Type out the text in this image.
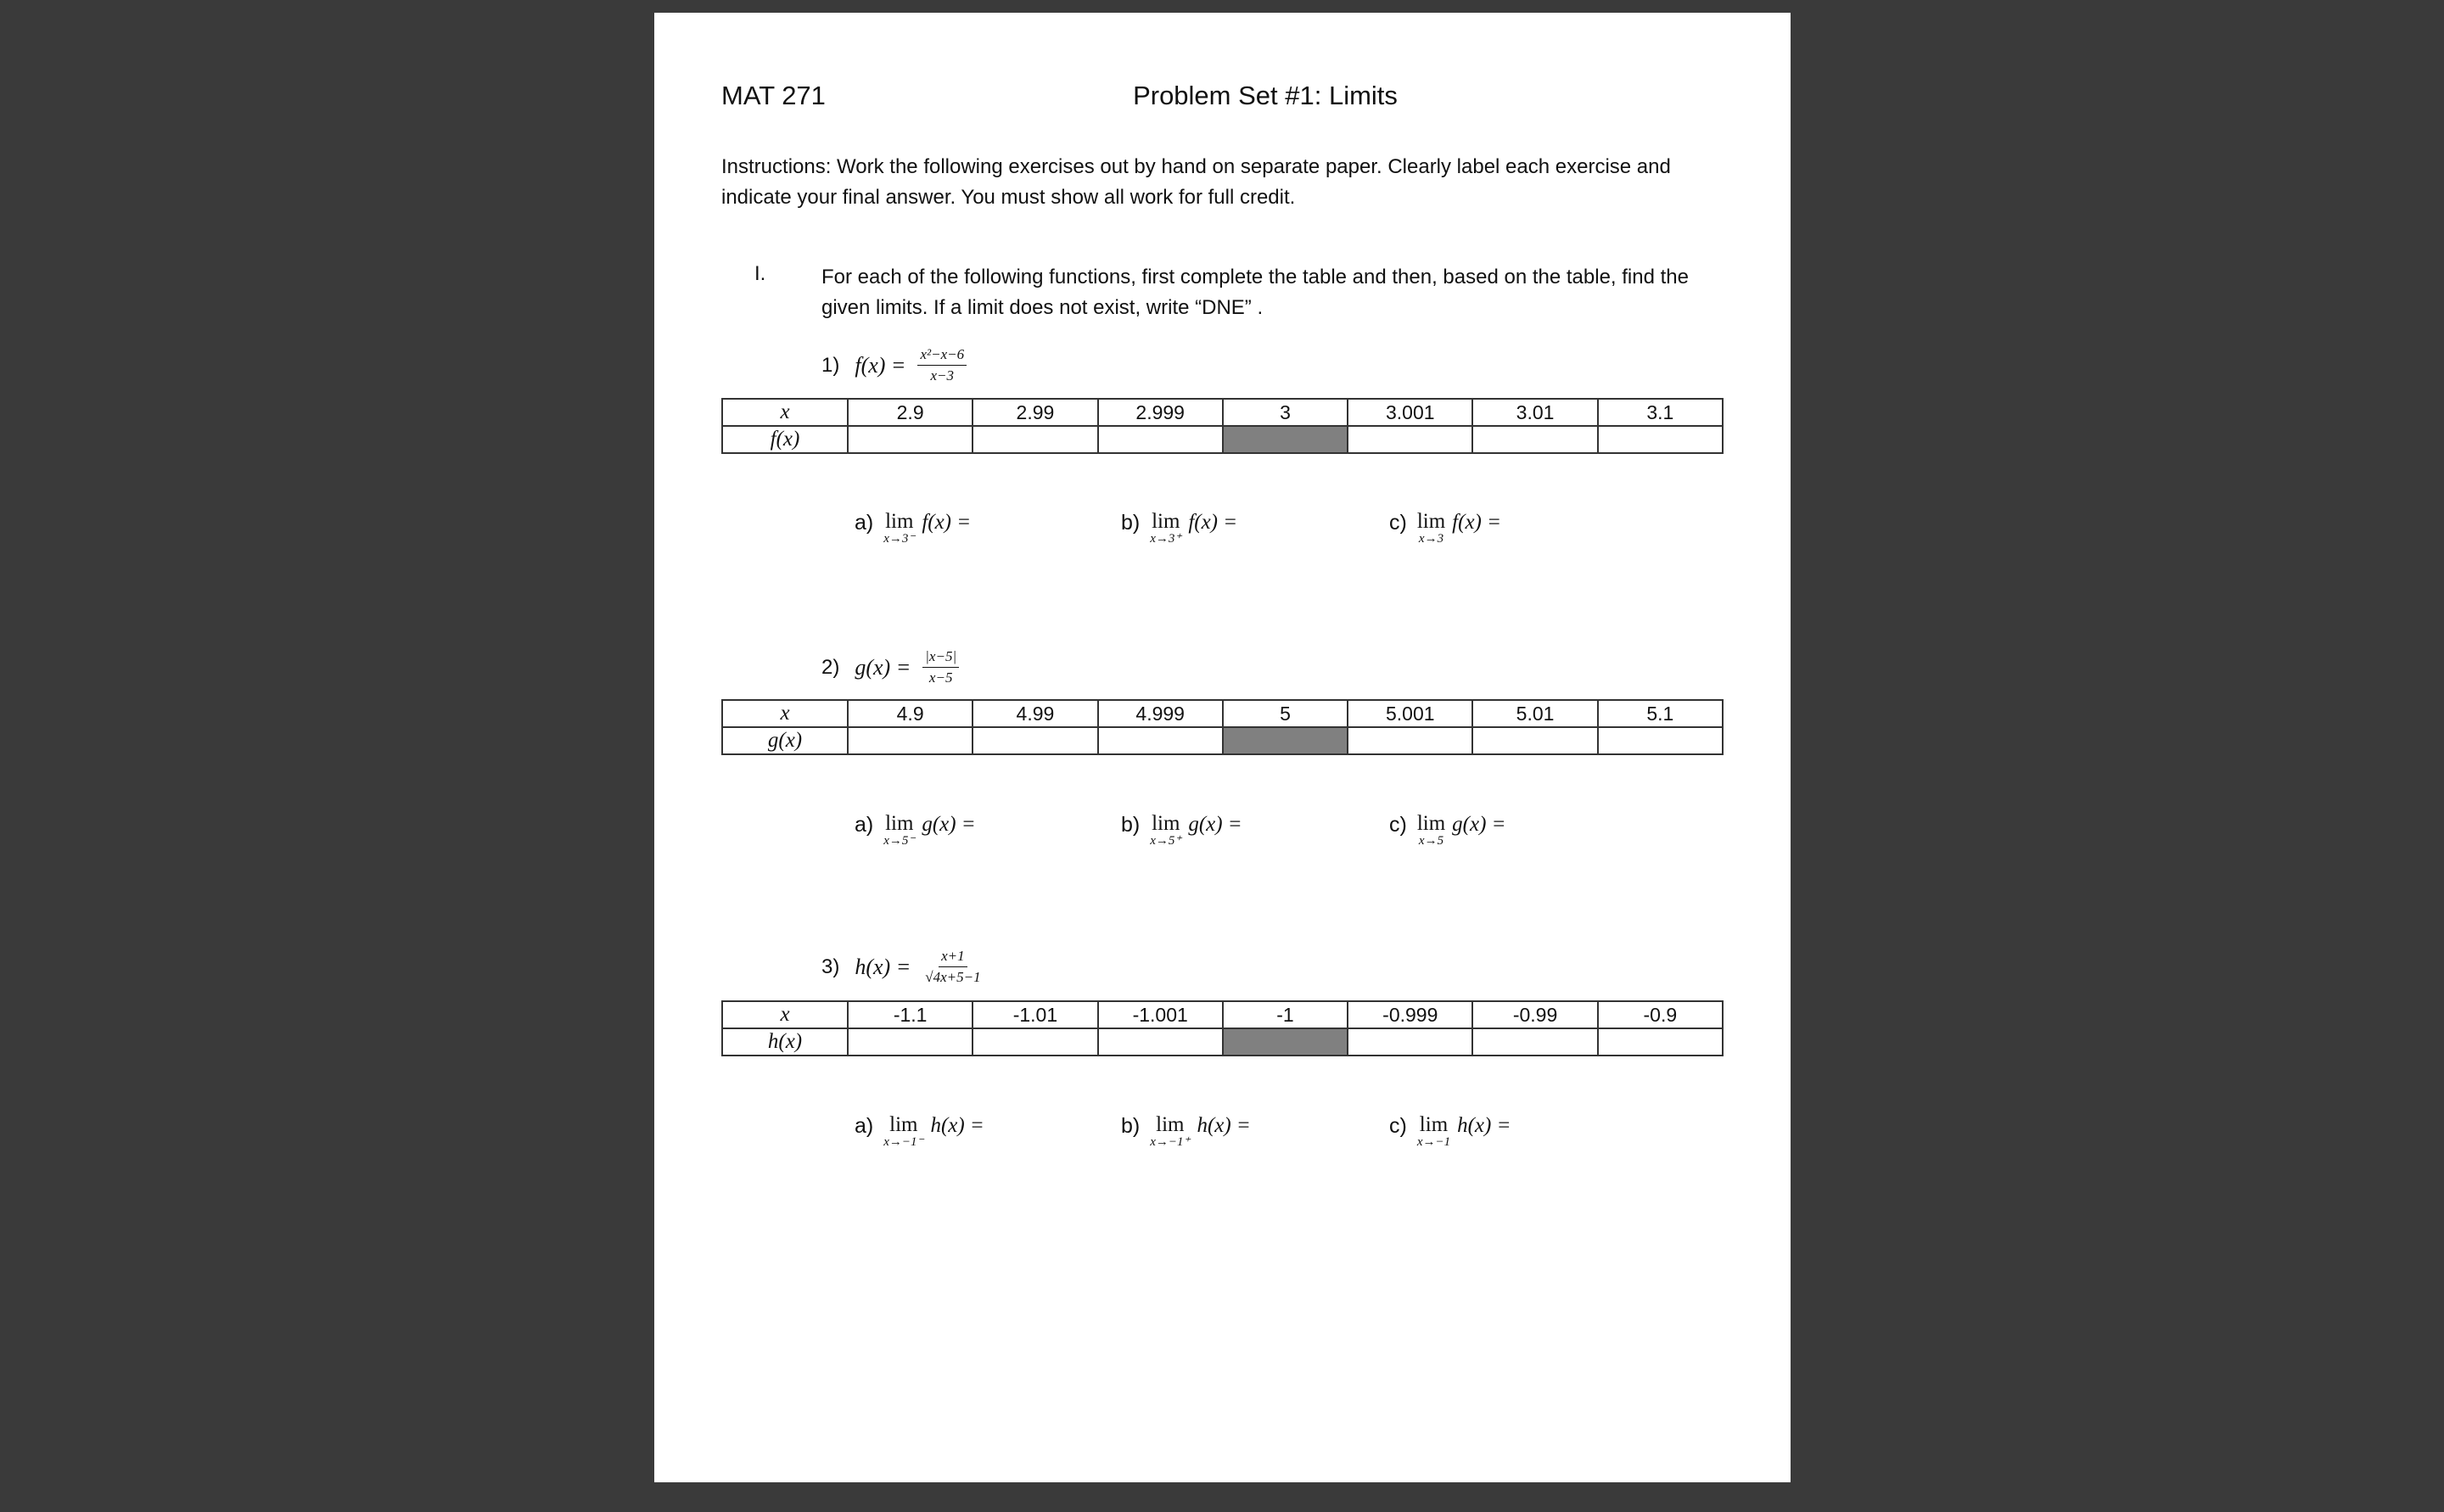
MAT 271	Problem Set #1: Limits
Instructions: Work the following exercises out by hand on separate paper. Clearly label each exercise and indicate your final answer. You must show all work for full credit.
I.	For each of the following functions, first complete the table and then, based on the table, find the given limits. If a limit does not exist, write “DNE” .
1) $f(x) = \frac{\text{x²−x−6}}{x-3}$
x	2.9	2.99	2.999	3	3.001	3.01	3.1
f(x)							
a) lim
x→3⁻
f(x) =	b) lim
x→3⁺
f(x) =	c) lim
x→3
f(x) =
2) $g(x) = \frac{|x-5|}{x-5}$
x	4.9	4.99	4.999	5	5.001	5.01	5.1
g(x)							
a) lim
x→5⁻
g(x) =	b) lim
x→5⁺
g(x) =	c) lim
x→5
g(x) =
3) $h(x) = \frac{x+1}{√4x+5-1}$
x	-1.1	-1.01	-1.001	-1	-0.999	-0.99	-0.9
h(x)							
a) lim
x→−1⁻
h(x) =	b) lim
x→−1⁺
h(x) =	c) lim
x→−1
h(x) =
